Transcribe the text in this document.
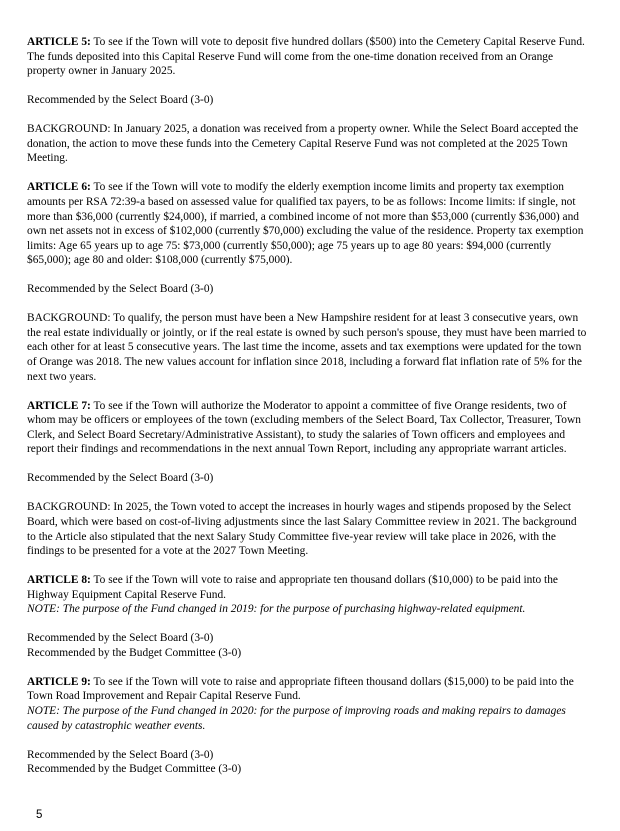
ARTICLE 5: To see if the Town will vote to deposit five hundred dollars ($500) into the Cemetery Capital Reserve Fund. The funds deposited into this Capital Reserve Fund will come from the one-time donation received from an Orange property owner in January 2025.

Recommended by the Select Board (3-0)

BACKGROUND: In January 2025, a donation was received from a property owner. While the Select Board accepted the donation, the action to move these funds into the Cemetery Capital Reserve Fund was not completed at the 2025 Town Meeting.

ARTICLE 6: To see if the Town will vote to modify the elderly exemption income limits and property tax exemption amounts per RSA 72:39-a based on assessed value for qualified tax payers, to be as follows: Income limits: if single, not more than $36,000 (currently $24,000), if married, a combined income of not more than $53,000 (currently $36,000) and own net assets not in excess of $102,000 (currently $70,000) excluding the value of the residence. Property tax exemption limits: Age 65 years up to age 75: $73,000 (currently $50,000); age 75 years up to age 80 years: $94,000 (currently $65,000); age 80 and older: $108,000 (currently $75,000).

Recommended by the Select Board (3-0)

BACKGROUND: To qualify, the person must have been a New Hampshire resident for at least 3 consecutive years, own the real estate individually or jointly, or if the real estate is owned by such person's spouse, they must have been married to each other for at least 5 consecutive years. The last time the income, assets and tax exemptions were updated for the town of Orange was 2018. The new values account for inflation since 2018, including a forward flat inflation rate of 5% for the next two years.

ARTICLE 7: To see if the Town will authorize the Moderator to appoint a committee of five Orange residents, two of whom may be officers or employees of the town (excluding members of the Select Board, Tax Collector, Treasurer, Town Clerk, and Select Board Secretary/Administrative Assistant), to study the salaries of Town officers and employees and report their findings and recommendations in the next annual Town Report, including any appropriate warrant articles.

Recommended by the Select Board (3-0)

BACKGROUND: In 2025, the Town voted to accept the increases in hourly wages and stipends proposed by the Select Board, which were based on cost-of-living adjustments since the last Salary Committee review in 2021. The background to the Article also stipulated that the next Salary Study Committee five-year review will take place in 2026, with the findings to be presented for a vote at the 2027 Town Meeting.

ARTICLE 8: To see if the Town will vote to raise and appropriate ten thousand dollars ($10,000) to be paid into the Highway Equipment Capital Reserve Fund.

NOTE: The purpose of the Fund changed in 2019: for the purpose of purchasing highway-related equipment.

Recommended by the Select Board (3-0)

Recommended by the Budget Committee (3-0)

ARTICLE 9: To see if the Town will vote to raise and appropriate fifteen thousand dollars ($15,000) to be paid into the Town Road Improvement and Repair Capital Reserve Fund.

NOTE: The purpose of the Fund changed in 2020: for the purpose of improving roads and making repairs to damages caused by catastrophic weather events.

Recommended by the Select Board (3-0)

Recommended by the Budget Committee (3-0)

5
